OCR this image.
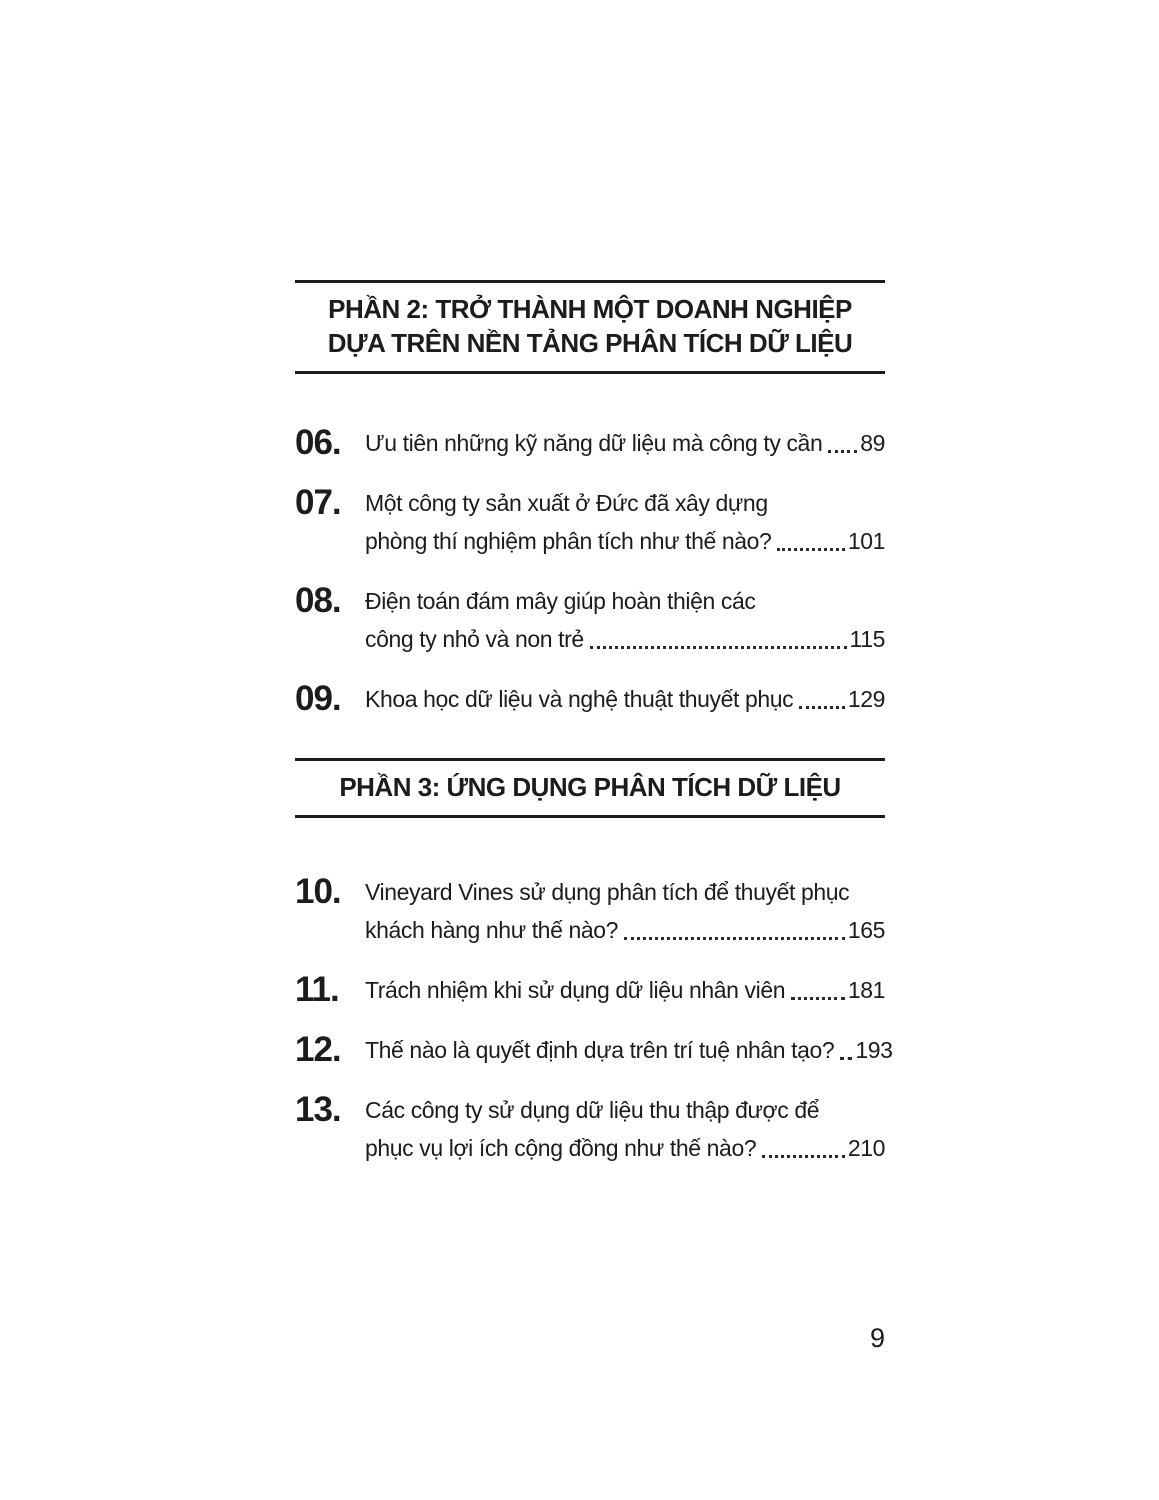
PHẦN 2: TRỞ THÀNH MỘT DOANH NGHIỆP
DỰA TRÊN NỀN TẢNG PHÂN TÍCH DỮ LIỆU
06.	Ưu tiên những kỹ năng dữ liệu mà công ty cần 89
07.	Một công ty sản xuất ở Đức đã xây dựng
phòng thí nghiệm phân tích như thế nào?	101
08.	Điện toán đám mây giúp hoàn thiện các
công ty nhỏ và non trẻ	115
09.	Khoa học dữ liệu và nghệ thuật thuyết phục 129
PHẦN 3: ỨNG DỤNG PHÂN TÍCH DỮ LIỆU
10.	Vineyard Vines sử dụng phân tích để thuyết phục
khách hàng như thế nào?	165
11.	Trách nhiệm khi sử dụng dữ liệu nhân viên	181
12.	Thế nào là quyết định dựa trên trí tuệ nhân tạo? 193
13.	Các công ty sử dụng dữ liệu thu thập được để
phục vụ lợi ích cộng đồng như thế nào?	210
9
